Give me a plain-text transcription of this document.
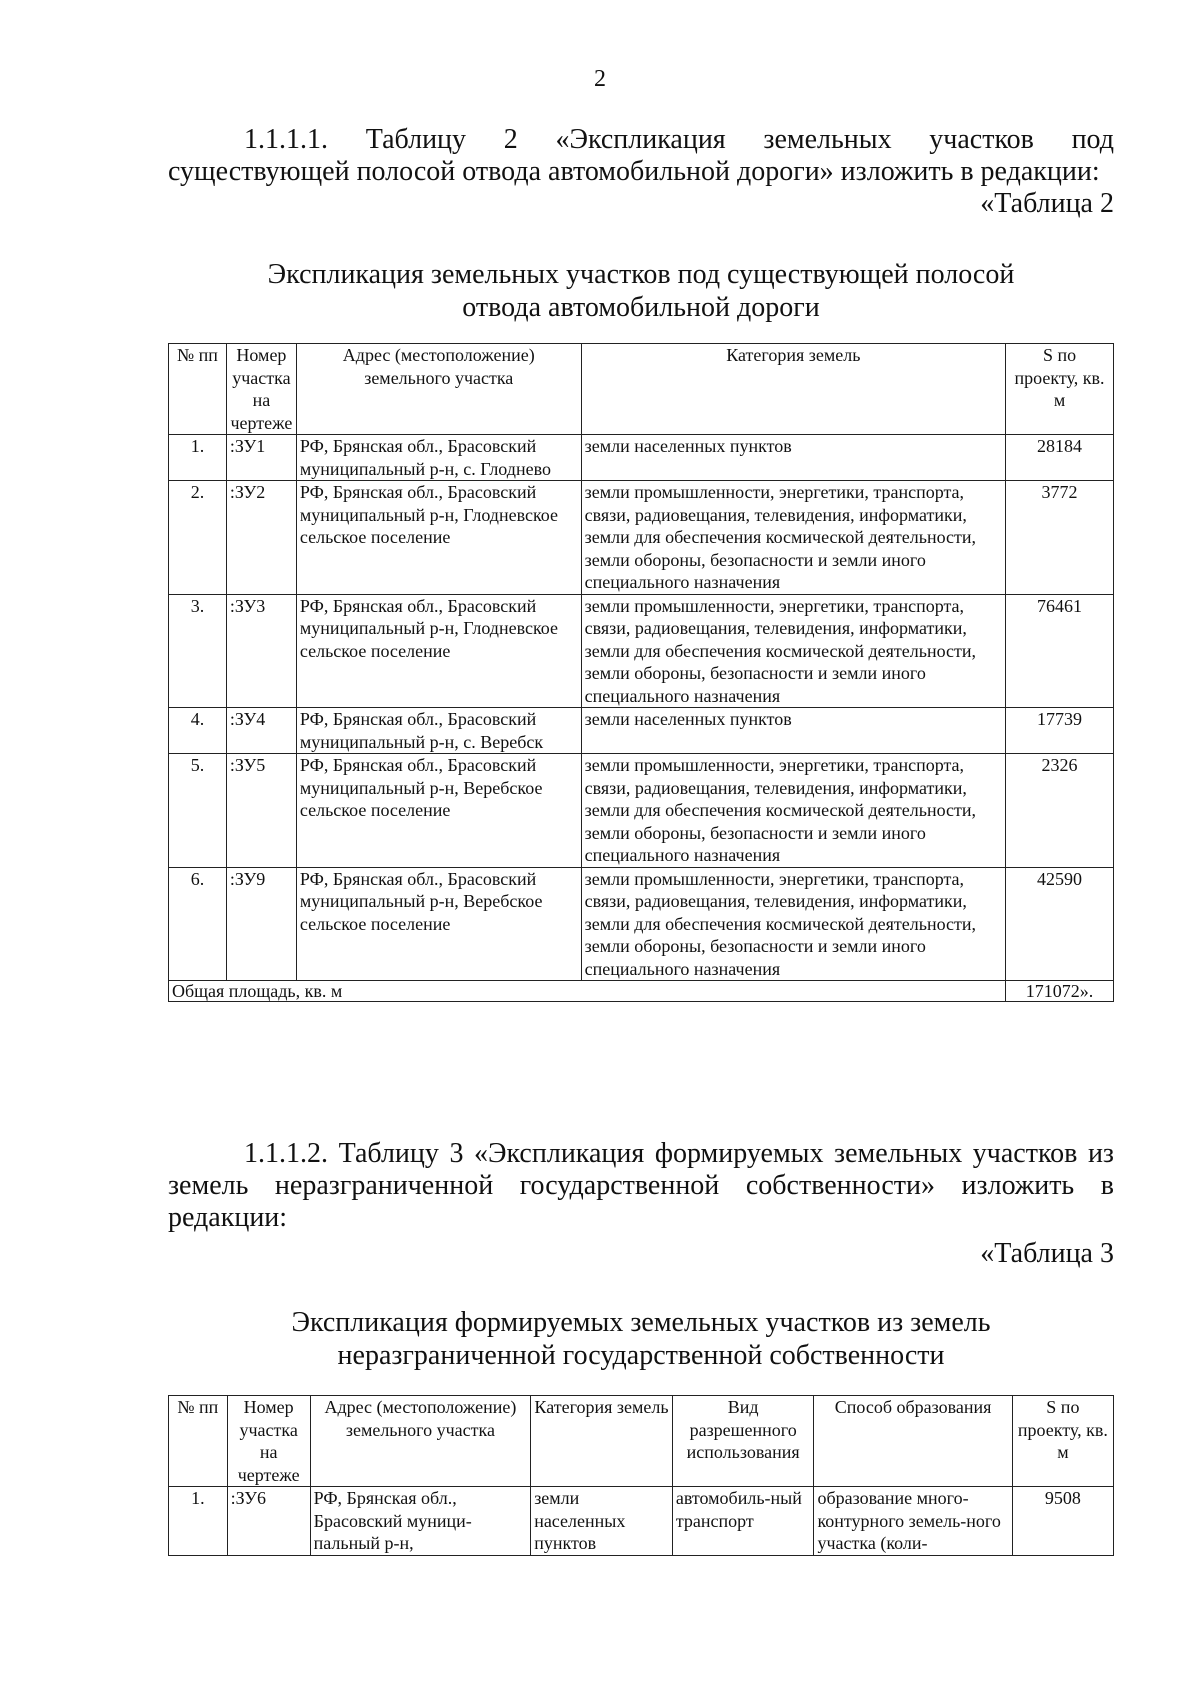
2
1.1.1.1. Таблицу 2 «Экспликация земельных участков под существующей полосой отвода автомобильной дороги» изложить в редакции:
«Таблица 2
Экспликация земельных участков под существующей полосой
отвода автомобильной дороги
№ пп	Номер участка на чертеже	Адрес (местоположение) земельного участка	Категория земель	S по проекту, кв. м
1.	:ЗУ1	РФ, Брянская обл., Брасовский муниципальный р-н, с. Глоднево	земли населенных пунктов	28184
2.	:ЗУ2	РФ, Брянская обл., Брасовский муниципальный р-н, Глодневское сельское поселение	земли промышленности, энергетики, транспорта, связи, радиовещания, телевидения, информатики, земли для обеспечения космической деятельности, земли обороны, безопасности и земли иного специального назначения	3772
3.	:ЗУ3	РФ, Брянская обл., Брасовский муниципальный р-н, Глодневское сельское поселение	земли промышленности, энергетики, транспорта, связи, радиовещания, телевидения, информатики, земли для обеспечения космической деятельности, земли обороны, безопасности и земли иного специального назначения	76461
4.	:ЗУ4	РФ, Брянская обл., Брасовский муниципальный р-н, с. Веребск	земли населенных пунктов	17739
5.	:ЗУ5	РФ, Брянская обл., Брасовский муниципальный р-н, Веребское сельское поселение	земли промышленности, энергетики, транспорта, связи, радиовещания, телевидения, информатики, земли для обеспечения космической деятельности, земли обороны, безопасности и земли иного специального назначения	2326
6.	:ЗУ9	РФ, Брянская обл., Брасовский муниципальный р-н, Веребское сельское поселение	земли промышленности, энергетики, транспорта, связи, радиовещания, телевидения, информатики, земли для обеспечения космической деятельности, земли обороны, безопасности и земли иного специального назначения	42590
Общая площадь, кв. м				171072».
1.1.1.2. Таблицу 3 «Экспликация формируемых земельных участков из земель неразграниченной государственной собственности» изложить в редакции:
«Таблица 3
Экспликация формируемых земельных участков из земель
неразграниченной государственной собственности
№ пп	Номер участка на чертеже	Адрес (местоположение) земельного участка	Категория земель	Вид разрешенного использования	Способ образования	S по проекту, кв. м
1.	:ЗУ6	РФ, Брянская обл., Брасовский муници-пальный р-н,	земли населенных пунктов	автомобиль-ный транспорт	образование много-контурного земель-ного участка (коли-	9508
